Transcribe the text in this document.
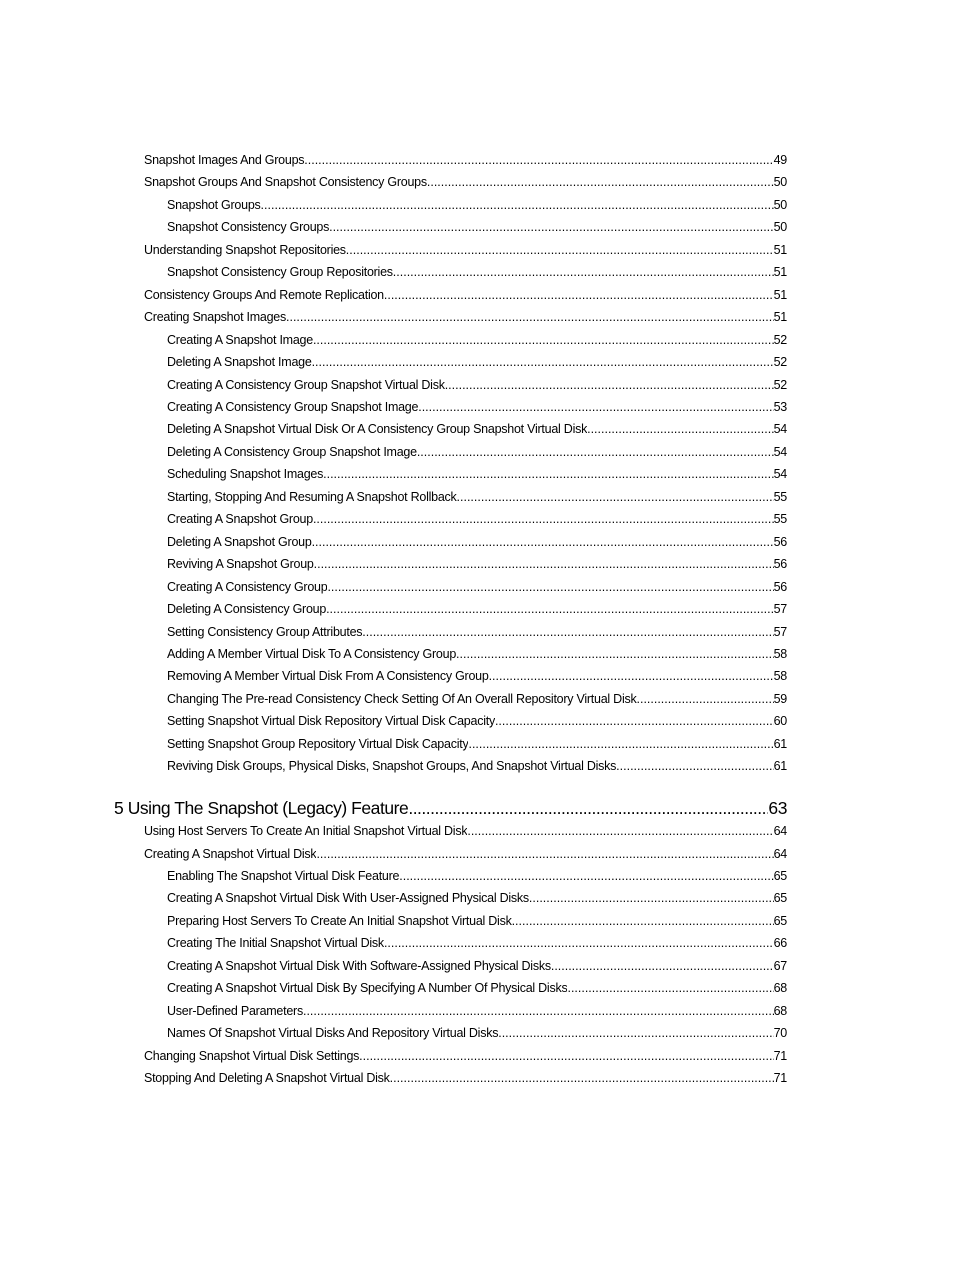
Snapshot Images And Groups .....	49
Snapshot Groups And Snapshot Consistency Groups .....	50
Snapshot Groups .....	50
Snapshot Consistency Groups .....	50
Understanding Snapshot Repositories .....	51
Snapshot Consistency Group Repositories .....	51
Consistency Groups And Remote Replication .....	51
Creating Snapshot Images .....	51
Creating A Snapshot Image .....	52
Deleting A Snapshot Image .....	52
Creating A Consistency Group Snapshot Virtual Disk .....	52
Creating A Consistency Group Snapshot Image .....	53
Deleting A Snapshot Virtual Disk Or A Consistency Group Snapshot Virtual Disk .....	54
Deleting A Consistency Group Snapshot Image .....	54
Scheduling Snapshot Images .....	54
Starting, Stopping And Resuming A Snapshot Rollback .....	55
Creating A Snapshot Group .....	55
Deleting A Snapshot Group .....	56
Reviving A Snapshot Group .....	56
Creating A Consistency Group .....	56
Deleting A Consistency Group .....	57
Setting Consistency Group Attributes .....	57
Adding A Member Virtual Disk To A Consistency Group .....	58
Removing A Member Virtual Disk From A Consistency Group .....	58
Changing The Pre-read Consistency Check Setting Of An Overall Repository Virtual Disk .....	59
Setting Snapshot Virtual Disk Repository Virtual Disk Capacity .....	60
Setting Snapshot Group Repository Virtual Disk Capacity .....	61
Reviving Disk Groups, Physical Disks, Snapshot Groups, And Snapshot Virtual Disks .....	61
5 Using The Snapshot (Legacy) Feature .....	63
Using Host Servers To Create An Initial Snapshot Virtual Disk .....	64
Creating A Snapshot Virtual Disk .....	64
Enabling The Snapshot Virtual Disk Feature .....	65
Creating A Snapshot Virtual Disk With User-Assigned Physical Disks .....	65
Preparing Host Servers To Create An Initial Snapshot Virtual Disk .....	65
Creating The Initial Snapshot Virtual Disk .....	66
Creating A Snapshot Virtual Disk With Software-Assigned Physical Disks .....	67
Creating A Snapshot Virtual Disk By Specifying A Number Of Physical Disks .....	68
User-Defined Parameters .....	68
Names Of Snapshot Virtual Disks And Repository Virtual Disks .....	70
Changing Snapshot Virtual Disk Settings .....	71
Stopping And Deleting A Snapshot Virtual Disk .....	71
